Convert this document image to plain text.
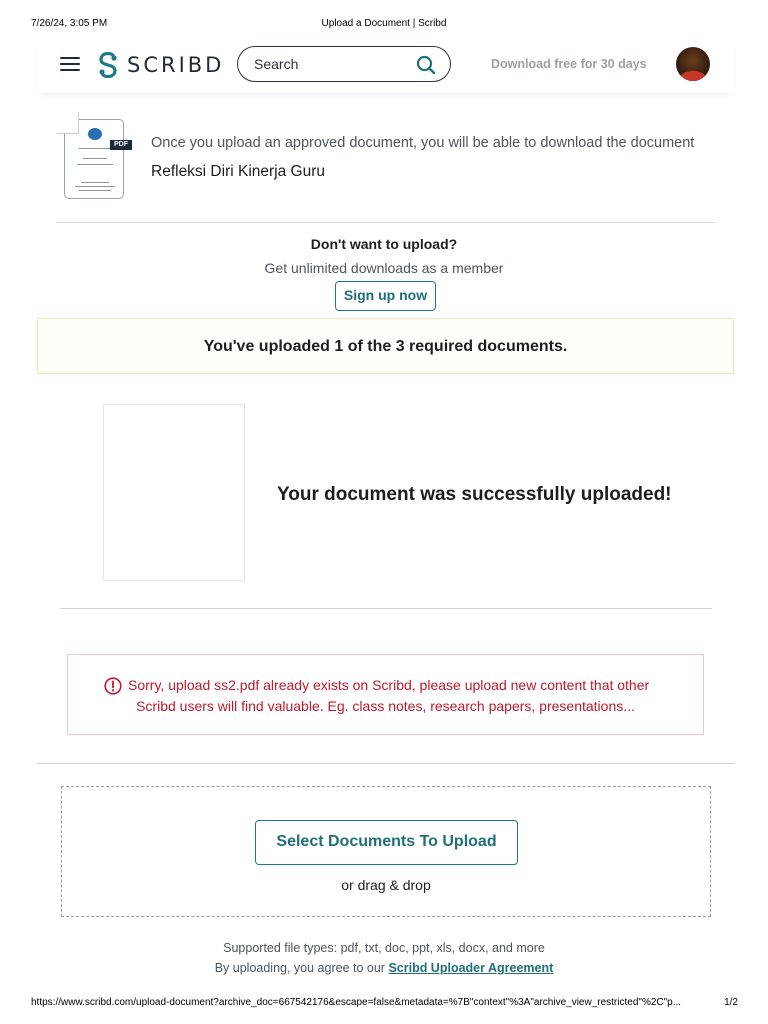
7/26/24, 3:05 PM	Upload a Document | Scribd
SCRIBD
Search	Download free for 30 days
PDF Once you upload an approved document, you will be able to download the document
Refleksi Diri Kinerja Guru
Don't want to upload?
Get unlimited downloads as a member
Sign up now
You've uploaded 1 of the 3 required documents.
Your document was successfully uploaded!
Sorry, upload ss2.pdf already exists on Scribd, please upload new content that other
Scribd users will find valuable. Eg. class notes, research papers, presentations...
Select Documents To Upload
or drag & drop
Supported file types: pdf, txt, doc, ppt, xls, docx, and more
By uploading, you agree to our Scribd Uploader Agreement
https://www.scribd.com/upload-document?archive_doc=667542176&escape=false&metadata=%7B"context"%3A"archive_view_restricted"%2C"p...	1/2
